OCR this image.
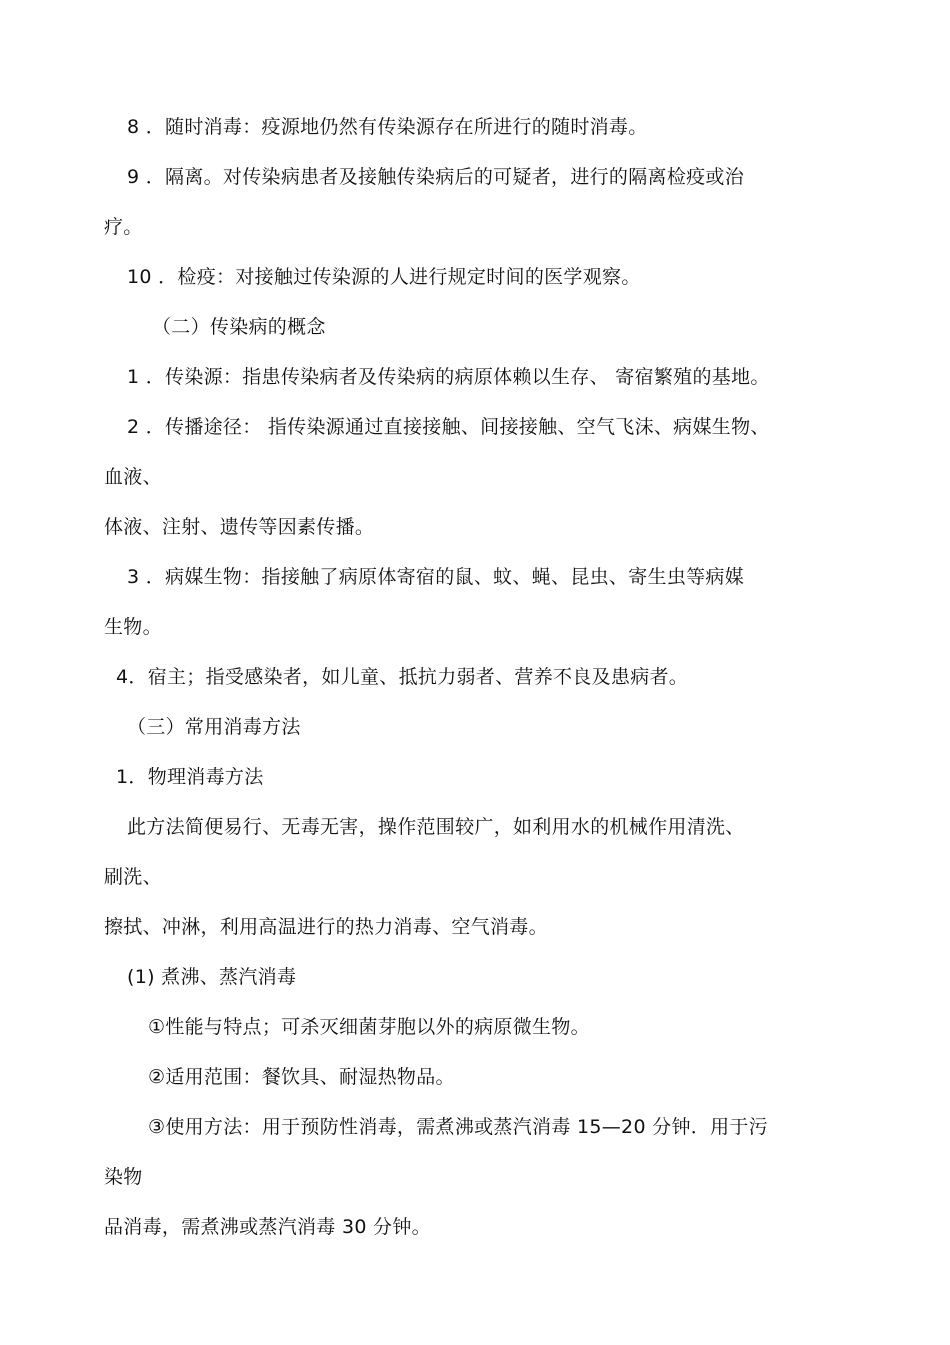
8 ．随时消毒：疫源地仍然有传染源存在所进行的随时消毒。
9 ．隔离。对传染病患者及接触传染病后的可疑者，进行的隔离检疫或治
疗。
10 ．检疫：对接触过传染源的人进行规定时间的医学观察。
（二）传染病的概念
1 ．传染源：指患传染病者及传染病的病原体赖以生存、 寄宿繁殖的基地。
2 ．传播途径： 指传染源通过直接接触、间接接触、空气飞沫、病媒生物、
血液、
体液、注射、遗传等因素传播。
3 ．病媒生物：指接触了病原体寄宿的鼠、蚊、蝇、昆虫、寄生虫等病媒
生物。
4．宿主；指受感染者，如儿童、抵抗力弱者、营养不良及患病者。
（三）常用消毒方法
1．物理消毒方法
此方法简便易行、无毒无害，操作范围较广，如利用水的机械作用清洗、
刷洗、
擦拭、冲淋，利用高温进行的热力消毒、空气消毒。
(1) 煮沸、蒸汽消毒
①性能与特点；可杀灭细菌芽胞以外的病原微生物。
②适用范围：餐饮具、耐湿热物品。
③使用方法：用于预防性消毒，需煮沸或蒸汽消毒 15—20 分钟．用于污
染物
品消毒，需煮沸或蒸汽消毒 30 分钟。
